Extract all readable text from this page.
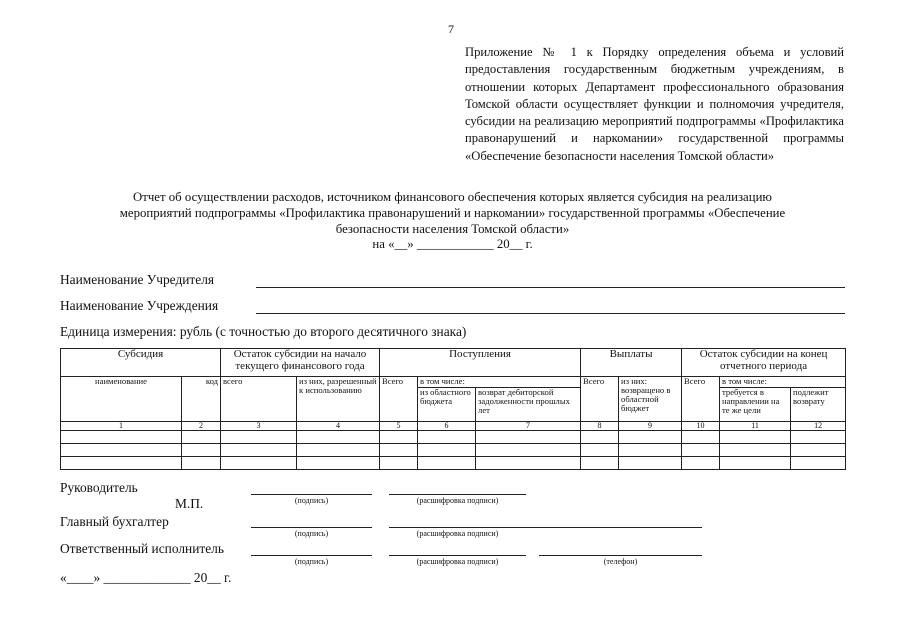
7
Приложение № 1 к Порядку определения объема и условий предоставления государственным бюджетным учреждениям, в отношении которых Департамент профессионального образования Томской области осуществляет функции и полномочия учредителя, субсидии на реализацию мероприятий подпрограммы «Профилактика правонарушений и наркомании» государственной программы «Обеспечение безопасности населения Томской области»
Отчет об осуществлении расходов, источником финансового обеспечения которых является субсидия на реализацию
мероприятий подпрограммы «Профилактика правонарушений и наркомании» государственной программы «Обеспечение
безопасности населения Томской области»
на «__» ____________ 20__ г.
Наименование Учредителя
Наименование Учреждения
Единица измерения: рубль (с точностью до второго десятичного знака)
Субсидия		Остаток субсидии на начало текущего финансового года		Поступления			Выплаты		Остаток субсидии на конец отчетного периода		
наименование	код	всего	из них, разрешенный к использованию	Всего	в том числе:		Всего	из них: возвращено в областной бюджет	Всего	в том числе:	
					из областного бюджета	возврат дебиторской задолженности прошлых лет				требуется в направлении на те же цели	подлежит возврату
1	2	3	4	5	6	7	8	9	10	11	12

Руководитель
(подпись)	(расшифровка подписи)
М.П.
Главный бухгалтер
(подпись)	(расшифровка подписи)
Ответственный исполнитель
(подпись)	(расшифровка подписи)	(телефон)
«____» _____________ 20__ г.
